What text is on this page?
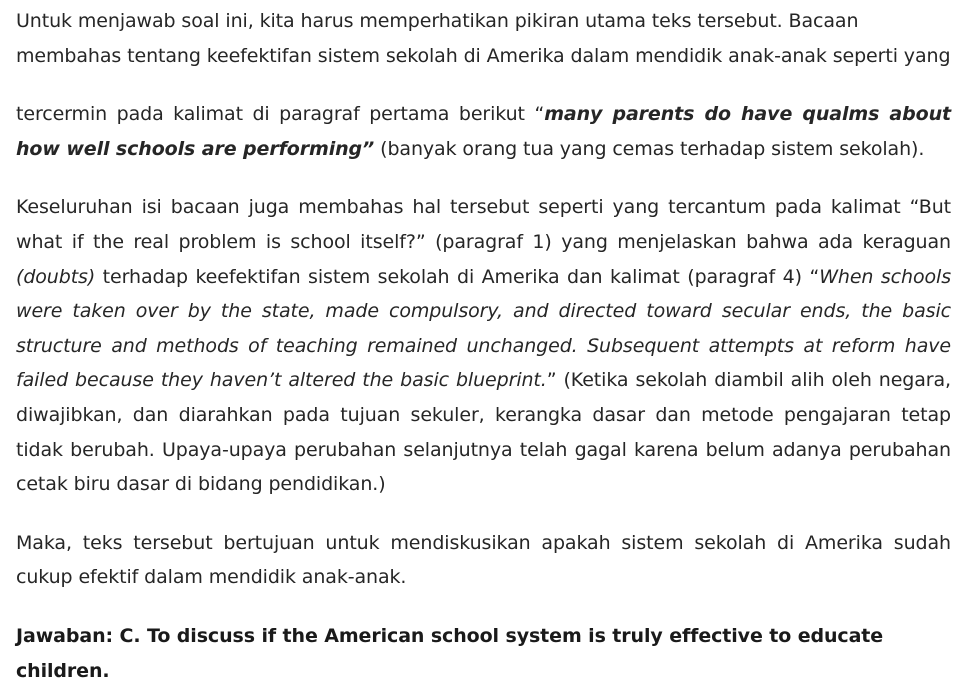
Untuk menjawab soal ini, kita harus memperhatikan pikiran utama teks tersebut. Bacaan membahas tentang keefektifan sistem sekolah di Amerika dalam mendidik anak-anak seperti yang

tercermin pada kalimat di paragraf pertama berikut “many parents do have qualms about how well schools are performing” (banyak orang tua yang cemas terhadap sistem sekolah).

Keseluruhan isi bacaan juga membahas hal tersebut seperti yang tercantum pada kalimat “But what if the real problem is school itself?” (paragraf 1) yang menjelaskan bahwa ada keraguan (doubts) terhadap keefektifan sistem sekolah di Amerika dan kalimat (paragraf 4) “When schools were taken over by the state, made compulsory, and directed toward secular ends, the basic structure and methods of teaching remained unchanged. Subsequent attempts at reform have failed because they haven’t altered the basic blueprint.” (Ketika sekolah diambil alih oleh negara, diwajibkan, dan diarahkan pada tujuan sekuler, kerangka dasar dan metode pengajaran tetap tidak berubah. Upaya-upaya perubahan selanjutnya telah gagal karena belum adanya perubahan cetak biru dasar di bidang pendidikan.)

Maka, teks tersebut bertujuan untuk mendiskusikan apakah sistem sekolah di Amerika sudah cukup efektif dalam mendidik anak-anak.

Jawaban: C. To discuss if the American school system is truly effective to educate children.
